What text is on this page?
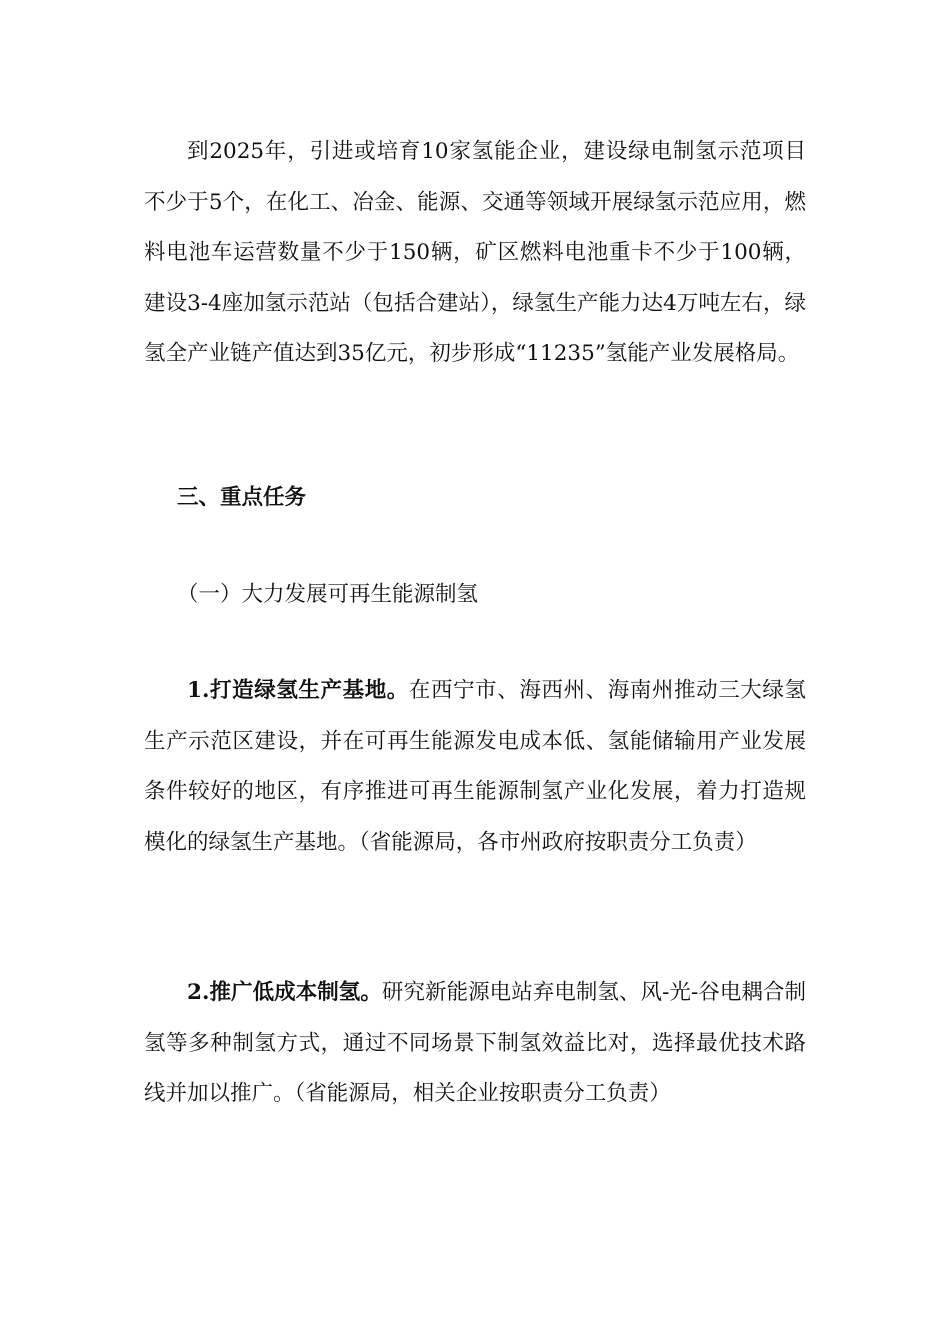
到2025年，引进或培育10家氢能企业，建设绿电制氢示范项目不少于5个，在化工、冶金、能源、交通等领域开展绿氢示范应用，燃料电池车运营数量不少于150辆，矿区燃料电池重卡不少于100辆，建设3-4座加氢示范站（包括合建站），绿氢生产能力达4万吨左右，绿氢全产业链产值达到35亿元，初步形成“11235”氢能产业发展格局。

三、重点任务
（一）大力发展可再生能源制氢

1.打造绿氢生产基地。在西宁市、海西州、海南州推动三大绿氢生产示范区建设，并在可再生能源发电成本低、氢能储输用产业发展条件较好的地区，有序推进可再生能源制氢产业化发展，着力打造规模化的绿氢生产基地。（省能源局，各市州政府按职责分工负责）

2.推广低成本制氢。研究新能源电站弃电制氢、风-光-谷电耦合制氢等多种制氢方式，通过不同场景下制氢效益比对，选择最优技术路线并加以推广。（省能源局，相关企业按职责分工负责）
